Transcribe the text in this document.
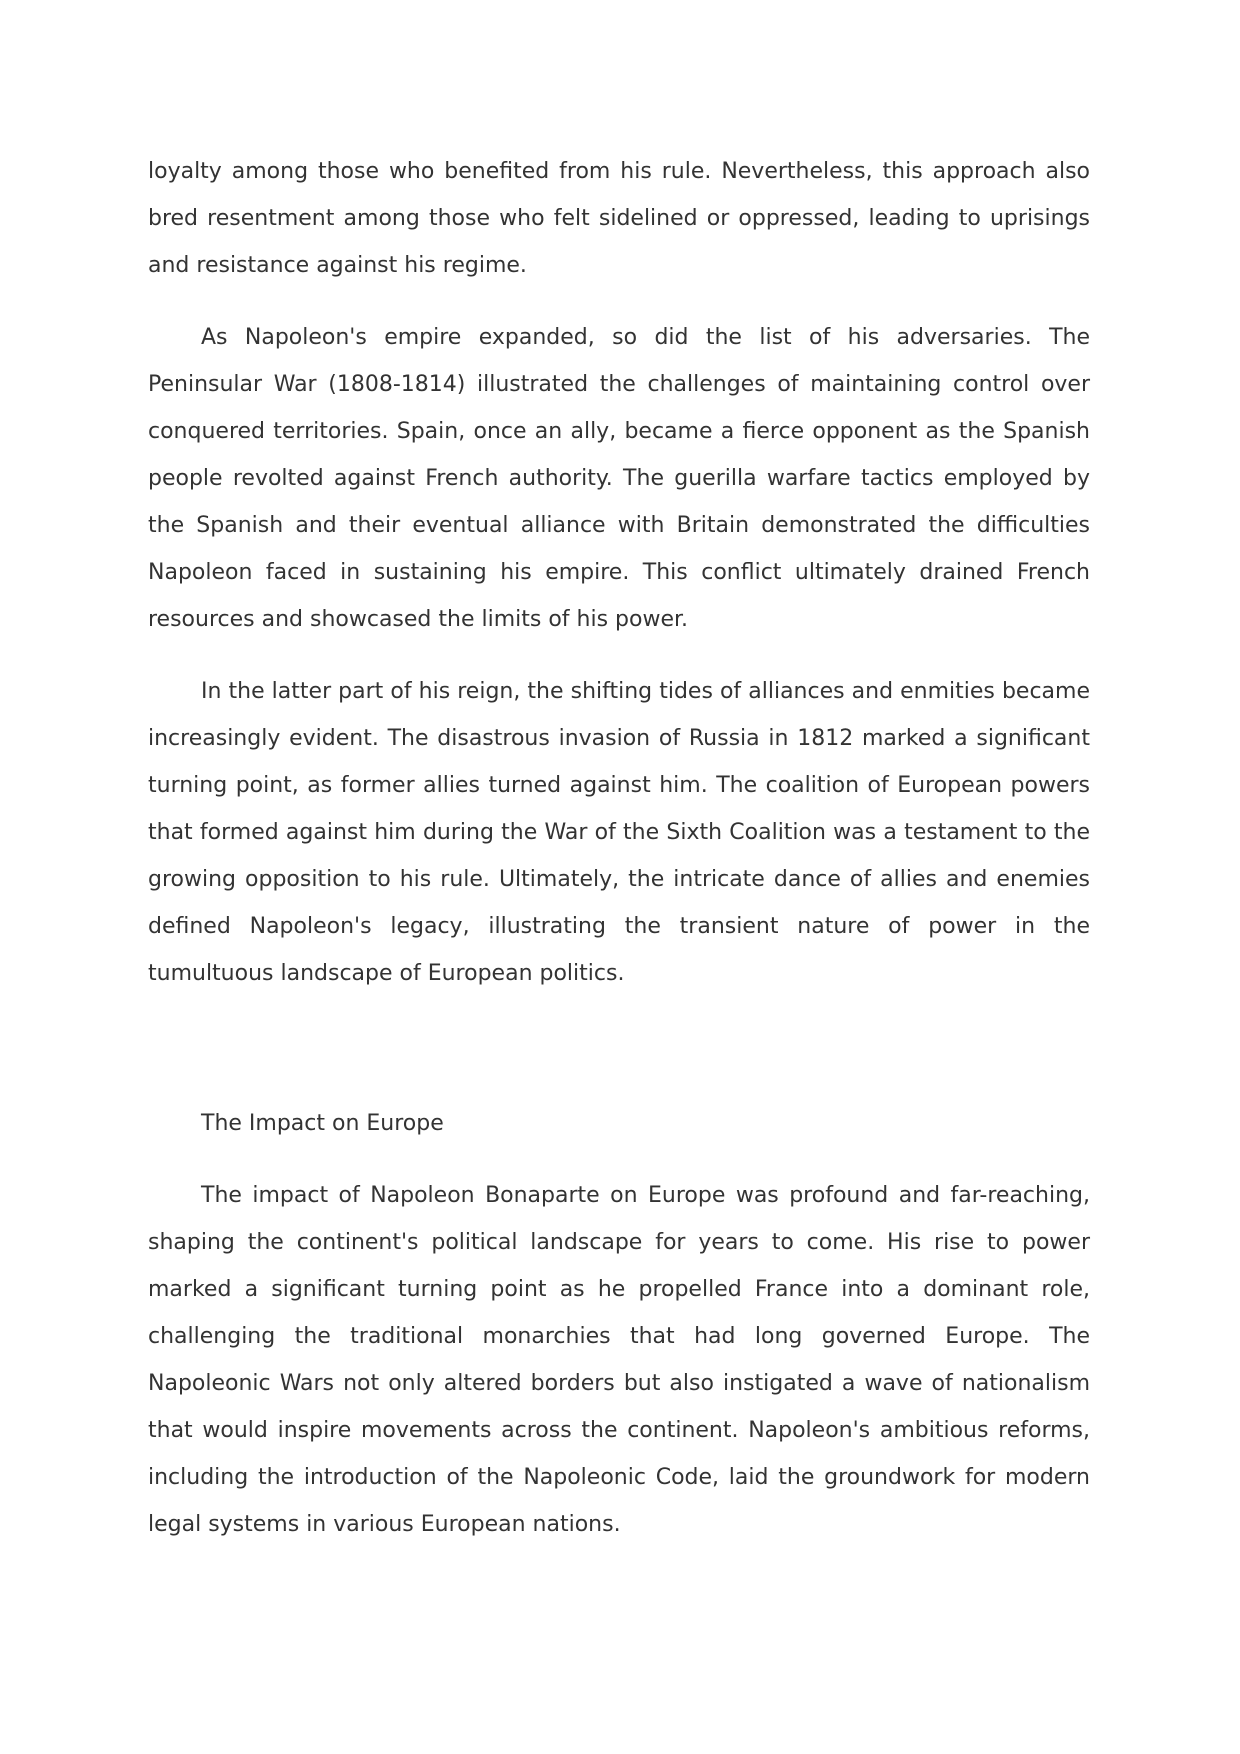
loyalty among those who benefited from his rule. Nevertheless, this approach also bred resentment among those who felt sidelined or oppressed, leading to uprisings and resistance against his regime.

As Napoleon's empire expanded, so did the list of his adversaries. The Peninsular War (1808-1814) illustrated the challenges of maintaining control over conquered territories. Spain, once an ally, became a fierce opponent as the Spanish people revolted against French authority. The guerilla warfare tactics employed by the Spanish and their eventual alliance with Britain demonstrated the difficulties Napoleon faced in sustaining his empire. This conflict ultimately drained French resources and showcased the limits of his power.

In the latter part of his reign, the shifting tides of alliances and enmities became increasingly evident. The disastrous invasion of Russia in 1812 marked a significant turning point, as former allies turned against him. The coalition of European powers that formed against him during the War of the Sixth Coalition was a testament to the growing opposition to his rule. Ultimately, the intricate dance of allies and enemies defined Napoleon's legacy, illustrating the transient nature of power in the tumultuous landscape of European politics.

The Impact on Europe

The impact of Napoleon Bonaparte on Europe was profound and far-reaching, shaping the continent's political landscape for years to come. His rise to power marked a significant turning point as he propelled France into a dominant role, challenging the traditional monarchies that had long governed Europe. The Napoleonic Wars not only altered borders but also instigated a wave of nationalism that would inspire movements across the continent. Napoleon's ambitious reforms, including the introduction of the Napoleonic Code, laid the groundwork for modern legal systems in various European nations.
